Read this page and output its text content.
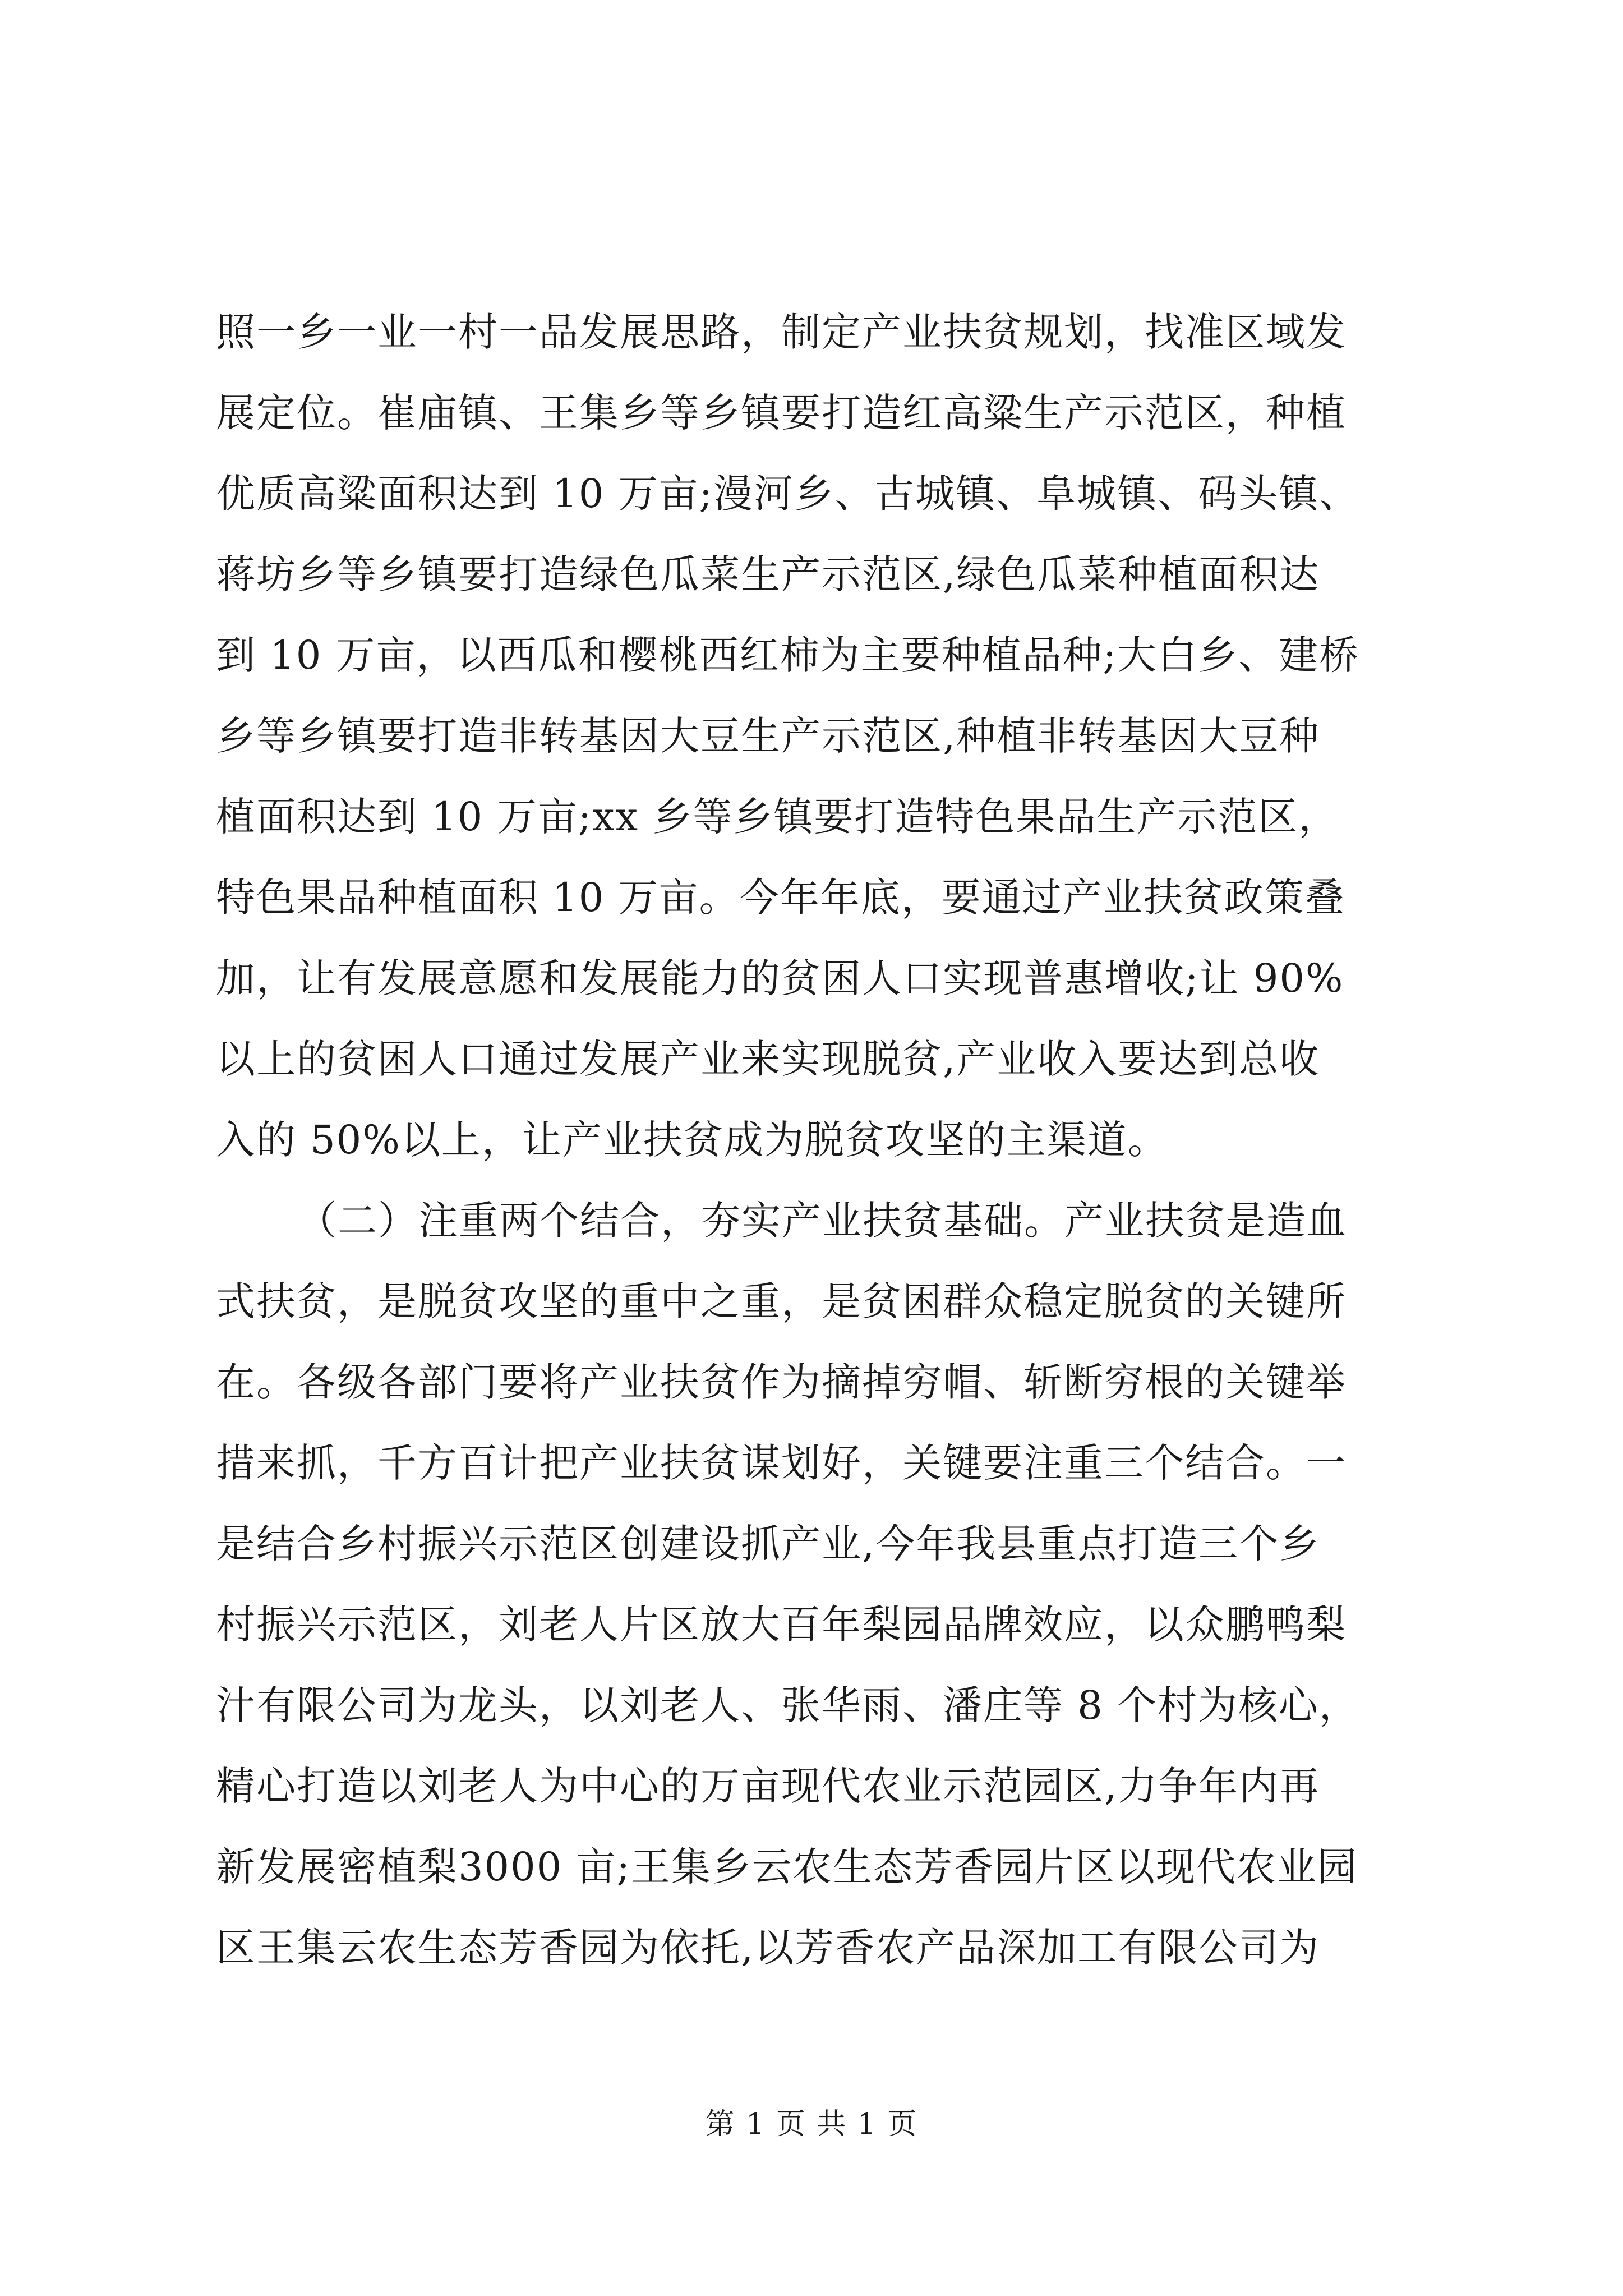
照一乡一业一村一品发展思路，制定产业扶贫规划，找准区域发
展定位。崔庙镇、王集乡等乡镇要打造红高粱生产示范区，种植
优质高粱面积达到 10 万亩;漫河乡、古城镇、阜城镇、码头镇、
蒋坊乡等乡镇要打造绿色瓜菜生产示范区,绿色瓜菜种植面积达
到 10 万亩，以西瓜和樱桃西红柿为主要种植品种;大白乡、建桥
乡等乡镇要打造非转基因大豆生产示范区,种植非转基因大豆种
植面积达到 10 万亩;xx 乡等乡镇要打造特色果品生产示范区，
特色果品种植面积 10 万亩。今年年底，要通过产业扶贫政策叠
加，让有发展意愿和发展能力的贫困人口实现普惠增收;让 90%
以上的贫困人口通过发展产业来实现脱贫,产业收入要达到总收
入的 50%以上，让产业扶贫成为脱贫攻坚的主渠道。
（二）注重两个结合，夯实产业扶贫基础。产业扶贫是造血
式扶贫，是脱贫攻坚的重中之重，是贫困群众稳定脱贫的关键所
在。各级各部门要将产业扶贫作为摘掉穷帽、斩断穷根的关键举
措来抓，千方百计把产业扶贫谋划好，关键要注重三个结合。一
是结合乡村振兴示范区创建设抓产业,今年我县重点打造三个乡
村振兴示范区，刘老人片区放大百年梨园品牌效应，以众鹏鸭梨
汁有限公司为龙头，以刘老人、张华雨、潘庄等 8 个村为核心，
精心打造以刘老人为中心的万亩现代农业示范园区,力争年内再
新发展密植梨3000 亩;王集乡云农生态芳香园片区以现代农业园
区王集云农生态芳香园为依托,以芳香农产品深加工有限公司为
第 1 页 共 1 页
